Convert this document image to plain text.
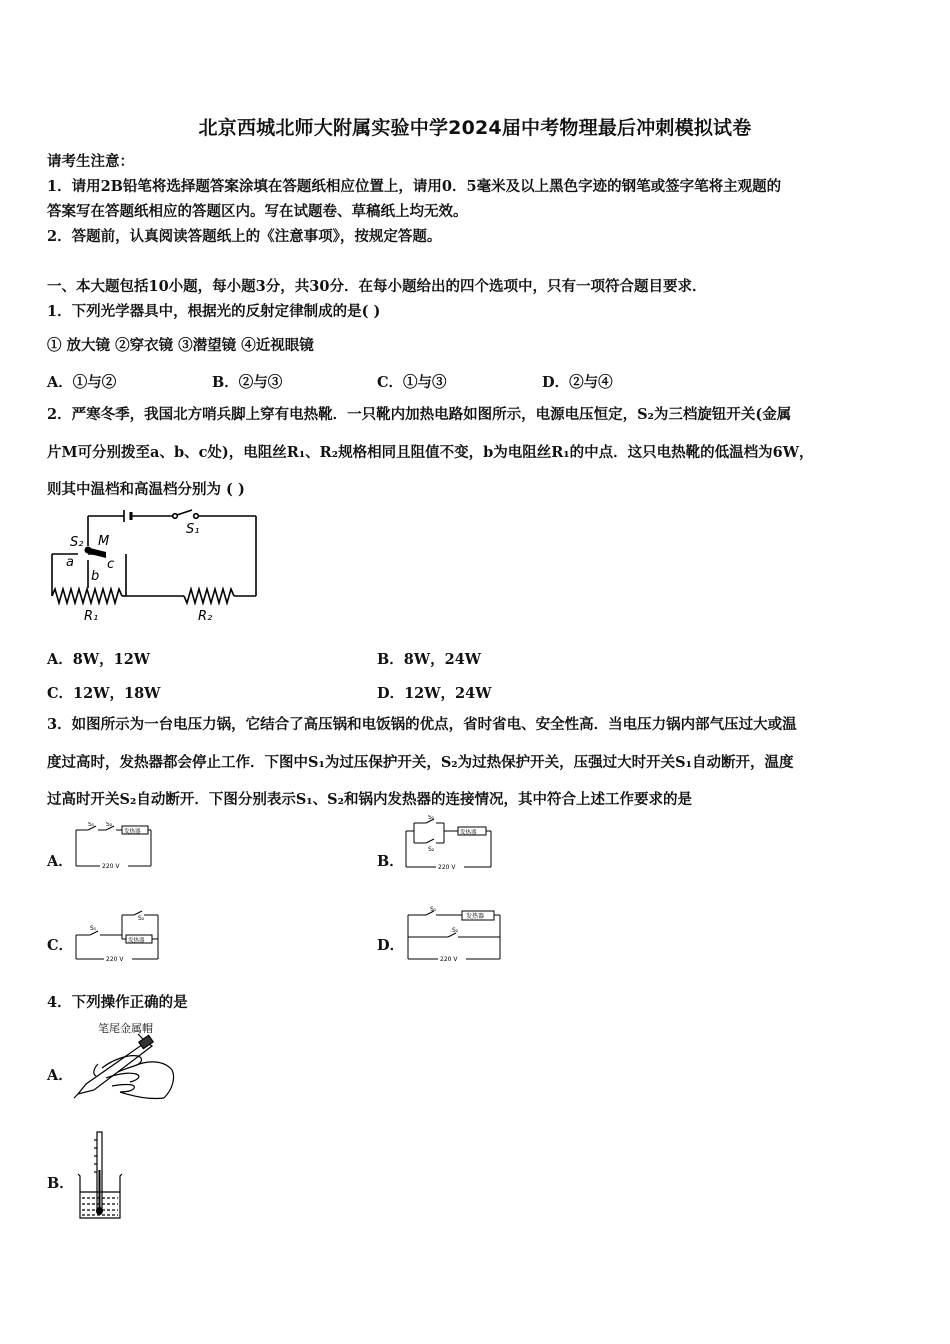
北京西城北师大附属实验中学2024届中考物理最后冲刺模拟试卷
请考生注意：
1．请用2B铅笔将选择题答案涂填在答题纸相应位置上，请用0．5毫米及以上黑色字迹的钢笔或签字笔将主观题的
答案写在答题纸相应的答题区内。写在试题卷、草稿纸上均无效。
2．答题前，认真阅读答题纸上的《注意事项》，按规定答题。
一、本大题包括10小题，每小题3分，共30分．在每小题给出的四个选项中，只有一项符合题目要求．
1．下列光学器具中，根据光的反射定律制成的是( )
① 放大镜 ②穿衣镜 ③潜望镜 ④近视眼镜
A．①与②	B．②与③	C．①与③	D．②与④
2．严寒冬季，我国北方哨兵脚上穿有电热靴．一只靴内加热电路如图所示，电源电压恒定，S₂为三档旋钮开关(金属
片M可分别拨至a、b、c处)，电阻丝R₁、R₂规格相同且阻值不变，b为电阻丝R₁的中点．这只电热靴的低温档为6W，
则其中温档和高温档分别为 ( )
S₁
S₂ M
a
b
c
R₁	R₂
A．8W，12W	B．8W，24W
C．12W，18W	D．12W，24W
3．如图所示为一台电压力锅，它结合了高压锅和电饭锅的优点，省时省电、安全性高．当电压力锅内部气压过大或温
度过高时，发热器都会停止工作．下图中S₁为过压保护开关，S₂为过热保护开关，压强过大时开关S₁自动断开，温度
过高时开关S₂自动断开．下图分别表示S₁、S₂和锅内发热器的连接情况，其中符合上述工作要求的是
A．
S₁ S₂
发热器
220 V	B．
S₁
S₂
发热器
220 V
C．
S₁
S₂
发热器
220 V
D．
S₁
S₂
发热器
220 V
4．下列操作正确的是
A．
笔尾金属帽
B．
